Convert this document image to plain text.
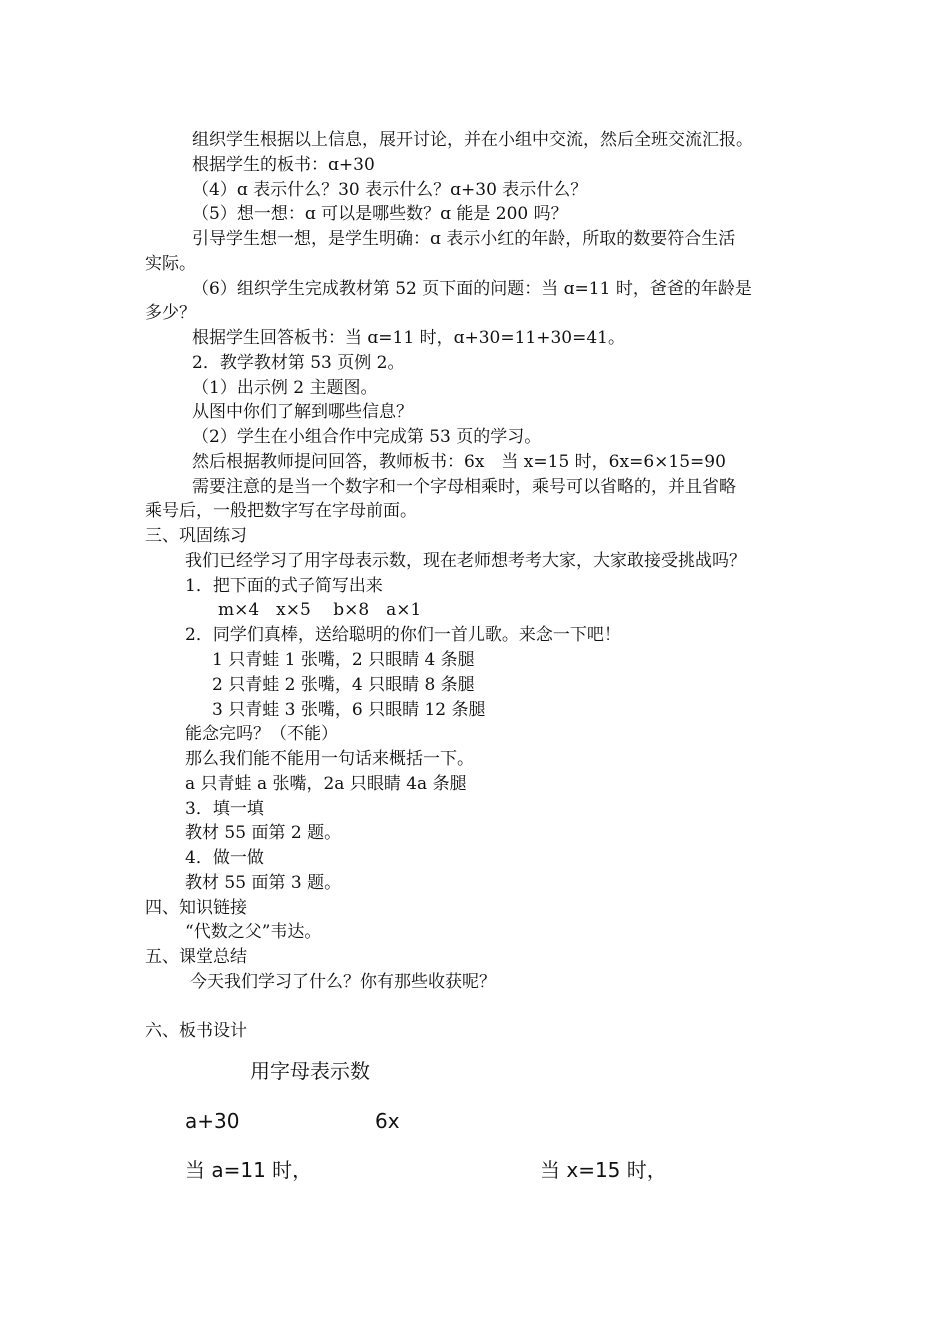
组织学生根据以上信息，展开讨论，并在小组中交流，然后全班交流汇报。
根据学生的板书：ɑ+30
（4）ɑ 表示什么？30 表示什么？ɑ+30 表示什么？
（5）想一想：ɑ 可以是哪些数？ɑ 能是 200 吗？
引导学生想一想，是学生明确：ɑ 表示小红的年龄，所取的数要符合生活
实际。
（6）组织学生完成教材第 52 页下面的问题：当 ɑ=11 时，爸爸的年龄是
多少？
根据学生回答板书：当 ɑ=11 时，ɑ+30=11+30=41。
2．教学教材第 53 页例 2。
（1）出示例 2 主题图。
从图中你们了解到哪些信息？
（2）学生在小组合作中完成第 53 页的学习。
然后根据教师提问回答，教师板书：6x　当 x=15 时，6x=6×15=90
需要注意的是当一个数字和一个字母相乘时，乘号可以省略的，并且省略
乘号后，一般把数字写在字母前面。
三、巩固练习
我们已经学习了用字母表示数，现在老师想考考大家，大家敢接受挑战吗？
1．把下面的式子简写出来
m×4　x×5　 b×8　a×1
2．同学们真棒，送给聪明的你们一首儿歌。来念一下吧！
1 只青蛙 1 张嘴，2 只眼睛 4 条腿
2 只青蛙 2 张嘴，4 只眼睛 8 条腿
3 只青蛙 3 张嘴，6 只眼睛 12 条腿
能念完吗？（不能）
那么我们能不能用一句话来概括一下。
a 只青蛙 a 张嘴，2a 只眼睛 4a 条腿
3．填一填
教材 55 面第 2 题。
4．做一做
教材 55 面第 3 题。
四、知识链接
“代数之父”韦达。
五、课堂总结
今天我们学习了什么？你有那些收获呢？
六、板书设计
用字母表示数
a+30	6x
当 a=11 时，	当 x=15 时，
